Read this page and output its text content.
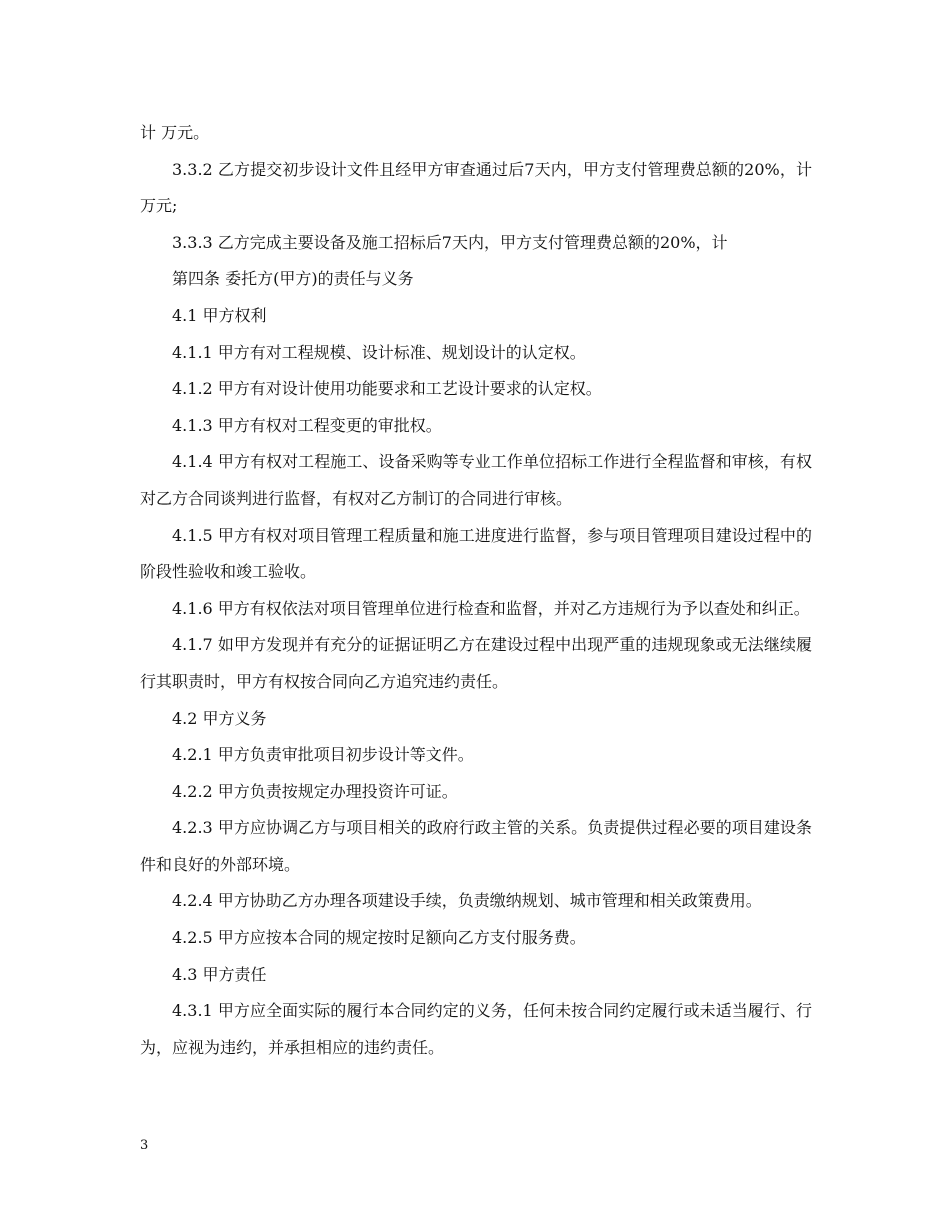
计 万元。

3.3.2 乙方提交初步设计文件且经甲方审查通过后7天内，甲方支付管理费总额的20%，计 万元;

3.3.3 乙方完成主要设备及施工招标后7天内，甲方支付管理费总额的20%，计

第四条 委托方(甲方)的责任与义务

4.1 甲方权利

4.1.1 甲方有对工程规模、设计标准、规划设计的认定权。

4.1.2 甲方有对设计使用功能要求和工艺设计要求的认定权。

4.1.3 甲方有权对工程变更的审批权。

4.1.4 甲方有权对工程施工、设备采购等专业工作单位招标工作进行全程监督和审核，有权对乙方合同谈判进行监督，有权对乙方制订的合同进行审核。

4.1.5 甲方有权对项目管理工程质量和施工进度进行监督，参与项目管理项目建设过程中的阶段性验收和竣工验收。

4.1.6 甲方有权依法对项目管理单位进行检查和监督，并对乙方违规行为予以查处和纠正。

4.1.7 如甲方发现并有充分的证据证明乙方在建设过程中出现严重的违规现象或无法继续履行其职责时，甲方有权按合同向乙方追究违约责任。

4.2 甲方义务

4.2.1 甲方负责审批项目初步设计等文件。

4.2.2 甲方负责按规定办理投资许可证。

4.2.3 甲方应协调乙方与项目相关的政府行政主管的关系。负责提供过程必要的项目建设条件和良好的外部环境。

4.2.4 甲方协助乙方办理各项建设手续，负责缴纳规划、城市管理和相关政策费用。

4.2.5 甲方应按本合同的规定按时足额向乙方支付服务费。

4.3 甲方责任

4.3.1 甲方应全面实际的履行本合同约定的义务，任何未按合同约定履行或未适当履行、行为，应视为违约，并承担相应的违约责任。

3
